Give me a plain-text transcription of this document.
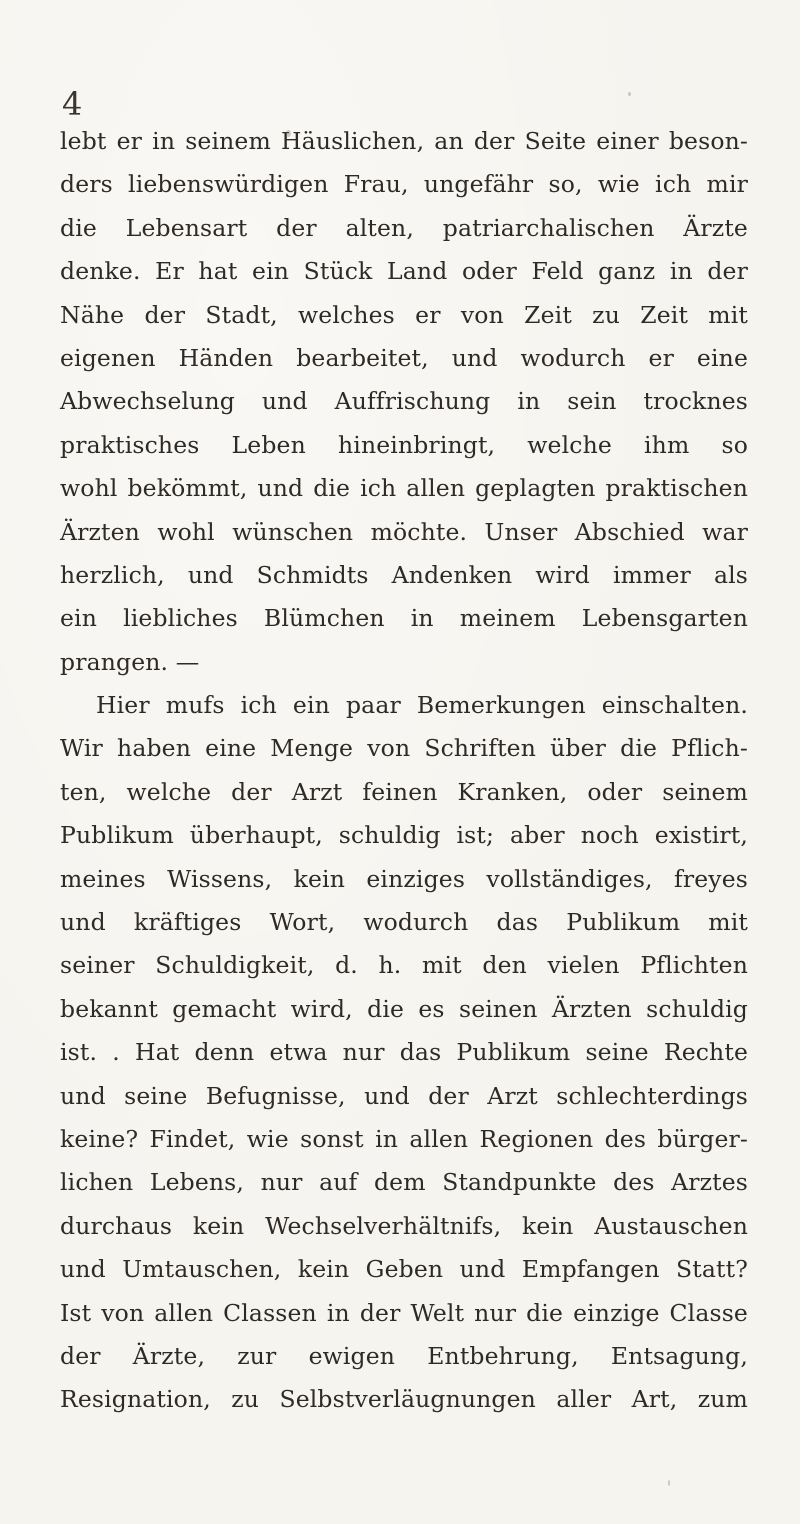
4
lebt er in seinem Häuslichen, an der Seite einer beson-
ders liebenswürdigen Frau, ungefähr so, wie ich mir
die Lebensart der alten, patriarchalischen Ärzte
denke. Er hat ein Stück Land oder Feld ganz in der
Nähe der Stadt, welches er von Zeit zu Zeit mit
eigenen Händen bearbeitet, und wodurch er eine
Abwechselung und Auffrischung in sein trocknes
praktisches Leben hineinbringt, welche ihm so
wohl bekömmt, und die ich allen geplagten praktischen
Ärzten wohl wünschen möchte. Unser Abschied war
herzlich, und Schmidts Andenken wird immer als
ein liebliches Blümchen in meinem Lebensgarten
prangen. —
Hier mufs ich ein paar Bemerkungen einschalten.
Wir haben eine Menge von Schriften über die Pflich-
ten, welche der Arzt feinen Kranken, oder seinem
Publikum überhaupt, schuldig ist; aber noch existirt,
meines Wissens, kein einziges vollständiges, freyes
und kräftiges Wort, wodurch das Publikum mit
seiner Schuldigkeit, d. h. mit den vielen Pflichten
bekannt gemacht wird, die es seinen Ärzten schuldig
ist. . Hat denn etwa nur das Publikum seine Rechte
und seine Befugnisse, und der Arzt schlechterdings
keine? Findet, wie sonst in allen Regionen des bürger-
lichen Lebens, nur auf dem Standpunkte des Arztes
durchaus kein Wechselverhältnifs, kein Austauschen
und Umtauschen, kein Geben und Empfangen Statt?
Ist von allen Classen in der Welt nur die einzige Classe
der Ärzte, zur ewigen Entbehrung, Entsagung,
Resignation, zu Selbstverläugnungen aller Art, zum
